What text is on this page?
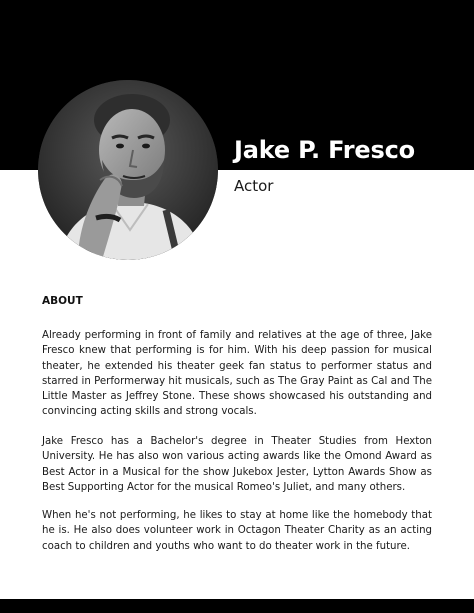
Jake P. Fresco

Actor

ABOUT

Already performing in front of family and relatives at the age of three, Jake Fresco knew that performing is for him. With his deep passion for musical theater, he extended his theater geek fan status to performer status and starred in Performerway hit musicals, such as The Gray Paint as Cal and The Little Master as Jeffrey Stone. These shows showcased his outstanding and convincing acting skills and strong vocals.

Jake Fresco has a Bachelor's degree in Theater Studies from Hexton University. He has also won various acting awards like the Omond Award as Best Actor in a Musical for the show Jukebox Jester, Lytton Awards Show as Best Supporting Actor for the musical Romeo's Juliet, and many others.

When he's not performing, he likes to stay at home like the homebody that he is. He also does volunteer work in Octagon Theater Charity as an acting coach to children and youths who want to do theater work in the future.
